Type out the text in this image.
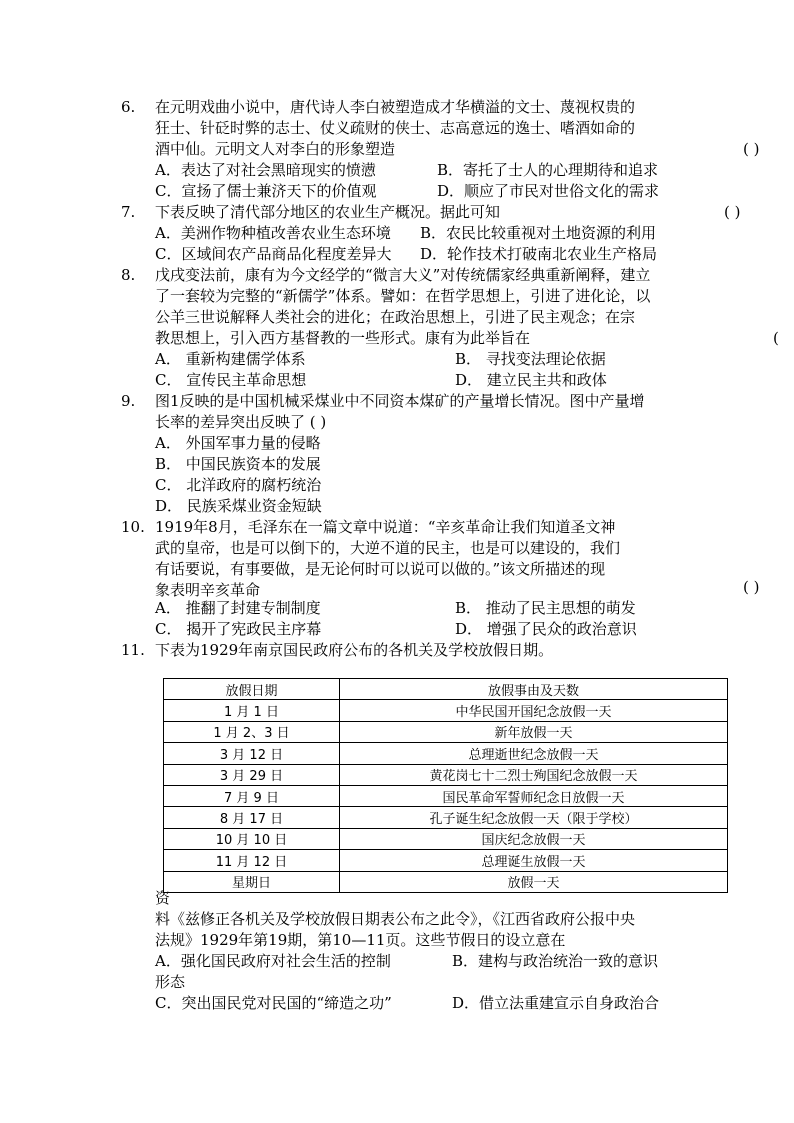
6. 在元明戏曲小说中，唐代诗人李白被塑造成才华横溢的文士、蔑视权贵的
狂士、针砭时弊的志士、仗义疏财的侠士、志高意远的逸士、嗜酒如命的
酒中仙。元明文人对李白的形象塑造	( )
A．表达了对社会黑暗现实的愤懑	B．寄托了士人的心理期待和追求
C．宣扬了儒士兼济天下的价值观	D．顺应了市民对世俗文化的需求
7. 下表反映了清代部分地区的农业生产概况。据此可知	( )
A．美洲作物种植改善农业生态环境 B．农民比较重视对土地资源的利用
C．区域间农产品商品化程度差异大 D．轮作技术打破南北农业生产格局
8. 戊戌变法前，康有为今文经学的“微言大义”对传统儒家经典重新阐释，建立
了一套较为完整的“新儒学”体系。譬如：在哲学思想上，引进了进化论，以
公羊三世说解释人类社会的进化；在政治思想上，引进了民主观念；在宗
教思想上，引入西方基督教的一些形式。康有为此举旨在	(
A． 重新构建儒学体系	B． 寻找变法理论依据
C． 宣传民主革命思想	D． 建立民主共和政体
9. 图1反映的是中国机械采煤业中不同资本煤矿的产量增长情况。图中产量增
长率的差异突出反映了 ( )
A． 外国军事力量的侵略
B． 中国民族资本的发展
C． 北洋政府的腐朽统治
D． 民族采煤业资金短缺
10. 1919年8月，毛泽东在一篇文章中说道：“辛亥革命让我们知道圣文神
武的皇帝，也是可以倒下的，大逆不道的民主，也是可以建设的，我们
有话要说，有事要做，是无论何时可以说可以做的。”该文所描述的现
象表明辛亥革命	( )
A． 推翻了封建专制制度	B． 推动了民主思想的萌发
C． 揭开了宪政民主序幕	D． 增强了民众的政治意识
11. 下表为1929年南京国民政府公布的各机关及学校放假日期。
放假日期	放假事由及天数
1 月 1 日	中华民国开国纪念放假一天
1 月 2、3 日	新年放假一天
3 月 12 日	总理逝世纪念放假一天
3 月 29 日	黄花岗七十二烈士殉国纪念放假一天
7 月 9 日	国民革命军誓师纪念日放假一天
8 月 17 日	孔子诞生纪念放假一天（限于学校）
10 月 10 日	国庆纪念放假一天
11 月 12 日	总理诞生放假一天
星期日	放假一天
资
料《兹修正各机关及学校放假日期表公布之此令》，《江西省政府公报中央
法规》1929年第19期，第10—11页。这些节假日的设立意在
A．强化国民政府对社会生活的控制	B．建构与政治统治一致的意识
形态
C．突出国民党对民国的“缔造之功”	D．借立法重建宣示自身政治合
